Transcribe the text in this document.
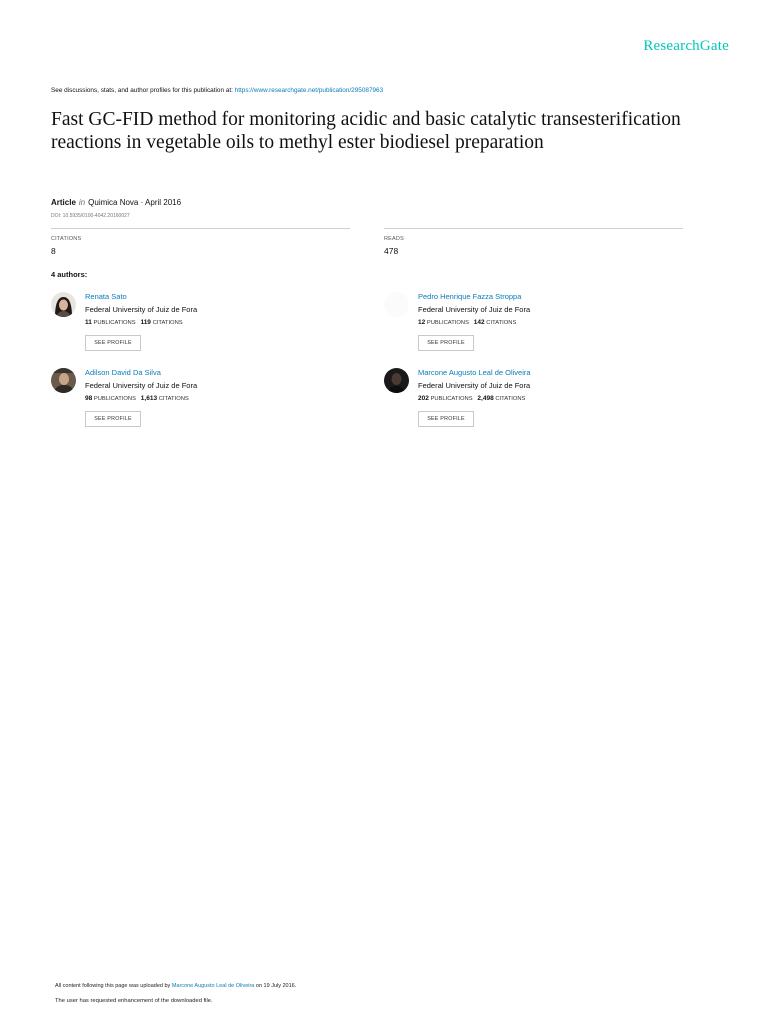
ResearchGate
See discussions, stats, and author profiles for this publication at: https://www.researchgate.net/publication/295087963
Fast GC-FID method for monitoring acidic and basic catalytic transesterification reactions in vegetable oils to methyl ester biodiesel preparation
Article in Quimica Nova · April 2016
DOI: 10.5935/0100-4042.20160027
CITATIONS
8
READS
478
4 authors:
Renata Sato
Federal University of Juiz de Fora
11 PUBLICATIONS 119 CITATIONS
SEE PROFILE
Pedro Henrique Fazza Stroppa
Federal University of Juiz de Fora
12 PUBLICATIONS 142 CITATIONS
SEE PROFILE
Adilson David Da Silva
Federal University of Juiz de Fora
98 PUBLICATIONS 1,613 CITATIONS
SEE PROFILE
Marcone Augusto Leal de Oliveira
Federal University of Juiz de Fora
202 PUBLICATIONS 2,498 CITATIONS
SEE PROFILE
All content following this page was uploaded by Marcone Augusto Leal de Oliveira on 19 July 2016.
The user has requested enhancement of the downloaded file.
